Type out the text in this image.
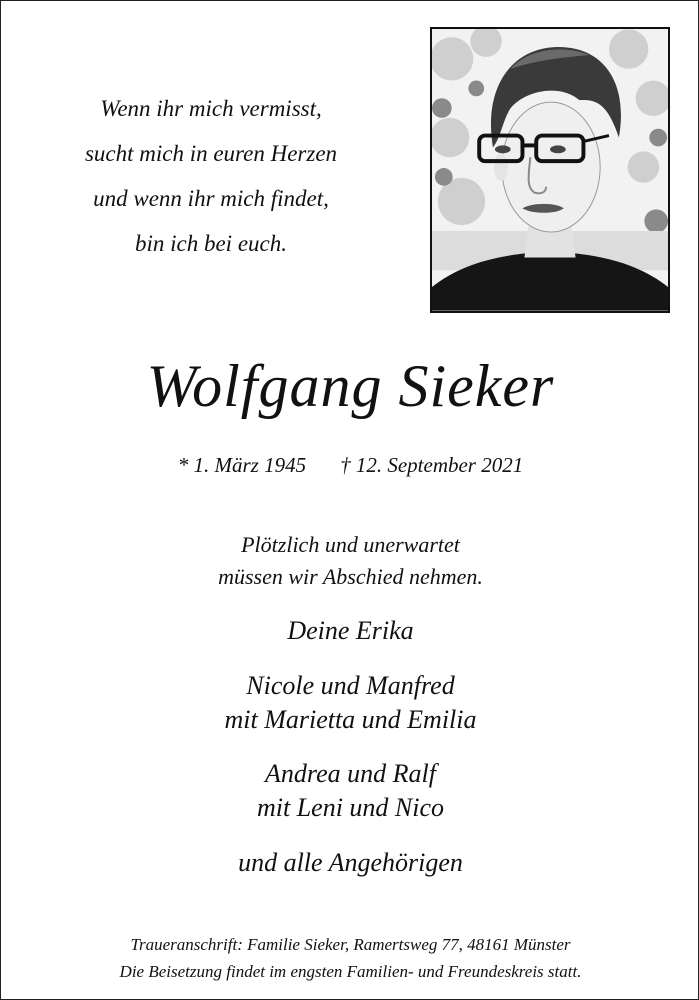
Wenn ihr mich vermisst,
sucht mich in euren Herzen
und wenn ihr mich findet,
bin ich bei euch.
Wolfgang Sieker
* 1. März 1945 † 12. September 2021
Plötzlich und unerwartet
müssen wir Abschied nehmen.
Deine Erika
Nicole und Manfred
mit Marietta und Emilia
Andrea und Ralf
mit Leni und Nico
und alle Angehörigen
Traueranschrift: Familie Sieker, Ramertsweg 77, 48161 Münster
Die Beisetzung findet im engsten Familien- und Freundeskreis statt.
